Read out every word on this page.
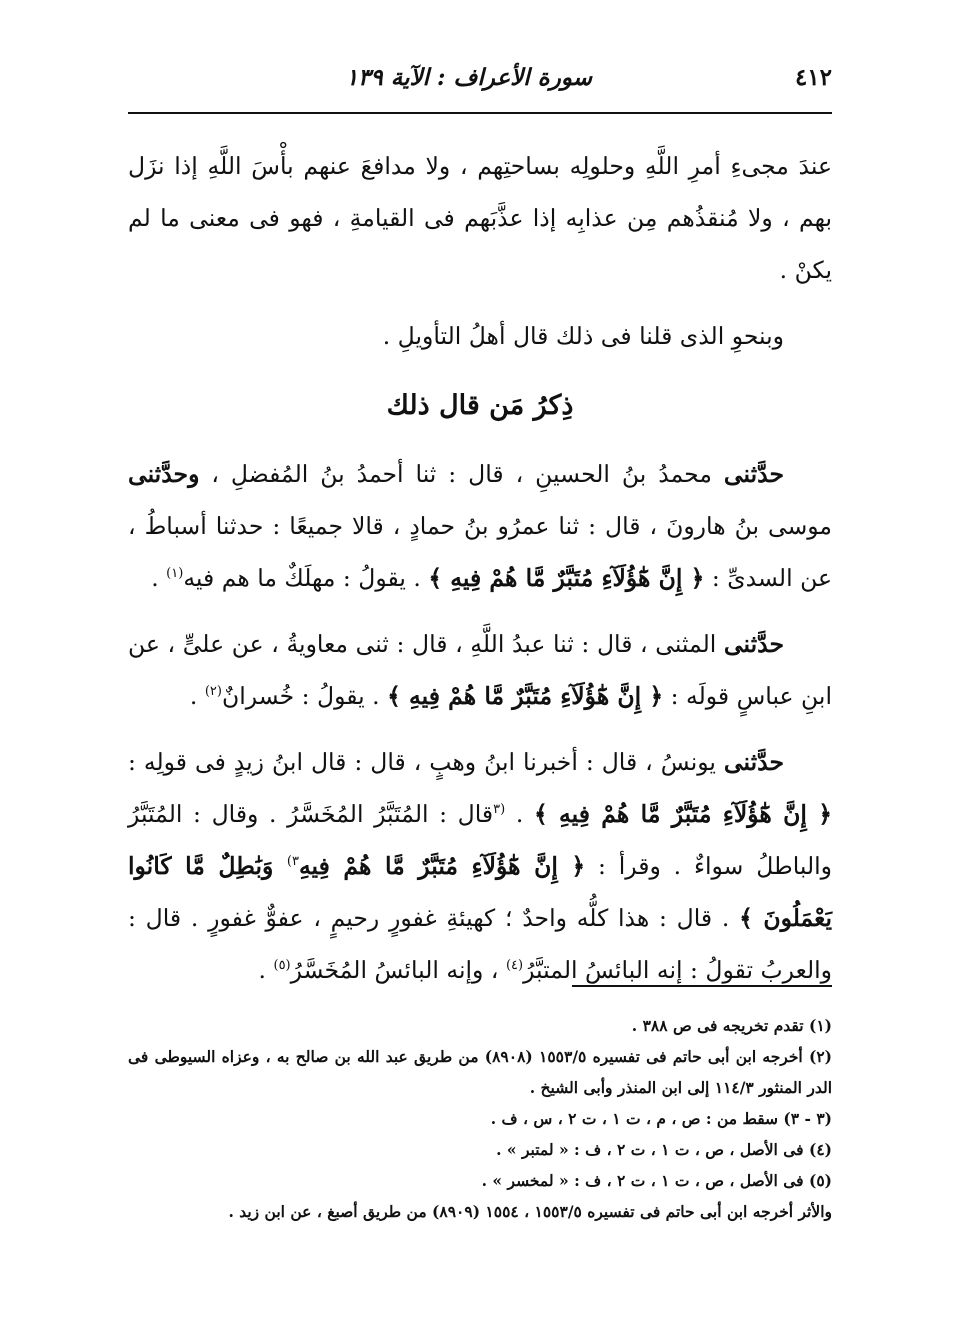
٤١٢
سورة الأعراف : الآية ١٣٩

عندَ مجىءِ أمرِ اللَّهِ وحلولِه بساحتِهم ، ولا مدافعَ عنهم بأْسَ اللَّهِ إذا نزَل بهم ، ولا مُنقذُهم مِن عذابِه إذا عذَّبَهم فى القيامةِ ، فهو فى معنى ما لم يكنْ .

وبنحوِ الذى قلنا فى ذلك قال أهلُ التأويلِ .

ذِكرُ مَن قال ذلك

حدَّثنى محمدُ بنُ الحسينِ ، قال : ثنا أحمدُ بنُ المُفضلِ ، وحدَّثنى موسى بنُ هارونَ ، قال : ثنا عمرُو بنُ حمادٍ ، قالا جميعًا : حدثنا أسباطُ ، عن السدىِّ : ﴿ إِنَّ هَٰٓؤُلَآءِ مُتَبَّرٌ مَّا هُمْ فِيهِ ﴾ . يقولُ : مهلَكٌ ما هم فيه$^{(١)}$ .

حدَّثنى المثنى ، قال : ثنا عبدُ اللَّهِ ، قال : ثنى معاويةُ ، عن علىٍّ ، عن ابنِ عباسٍ قولَه : ﴿ إِنَّ هَٰٓؤُلَآءِ مُتَبَّرٌ مَّا هُمْ فِيهِ ﴾ . يقولُ : خُسرانٌ$^{(٢)}$ .

حدَّثنى يونسُ ، قال : أخبرنا ابنُ وهبٍ ، قال : قال ابنُ زيدٍ فى قولِه : ﴿ إِنَّ هَٰٓؤُلَآءِ مُتَبَّرٌ مَّا هُمْ فِيهِ ﴾ . $^{(٣}$قال : المُتَبَّرُ المُخَسَّرُ . وقال : المُتَبَّرُ والباطلُ سواءٌ . وقرأ : ﴿ إِنَّ هَٰٓؤُلَآءِ مُتَبَّرٌ مَّا هُمْ فِيهِ$^{٣)}$ وَبَٰطِلٌ مَّا كَانُوا يَعْمَلُونَ ﴾ . قال : هذا كلُّه واحدٌ ؛ كهيئةِ غفورٍ رحيمٍ ، عفوٌّ غفورٍ . قال : والعربُ تقولُ : إنه البائسُ المتبَّرُ$^{(٤)}$ ، وإنه البائسُ المُخَسَّرُ$^{(٥)}$ .

(١) تقدم تخريجه فى ص ٣٨٨ .

(٢) أخرجه ابن أبى حاتم فى تفسيره ١٥٥٣/٥ (٨٩٠٨) من طريق عبد الله بن صالح به ، وعزاه السيوطى فى الدر المنثور ١١٤/٣ إلى ابن المنذر وأبى الشيخ .

(٣ - ٣) سقط من : ص ، م ، ت ١ ، ت ٢ ، س ، ف .

(٤) فى الأصل ، ص ، ت ١ ، ت ٢ ، ف : « لمتبر » .

(٥) فى الأصل ، ص ، ت ١ ، ت ٢ ، ف : « لمخسر » .

والأثر أخرجه ابن أبى حاتم فى تفسيره ١٥٥٣/٥ ، ١٥٥٤ (٨٩٠٩) من طريق أصبغ ، عن ابن زيد .
